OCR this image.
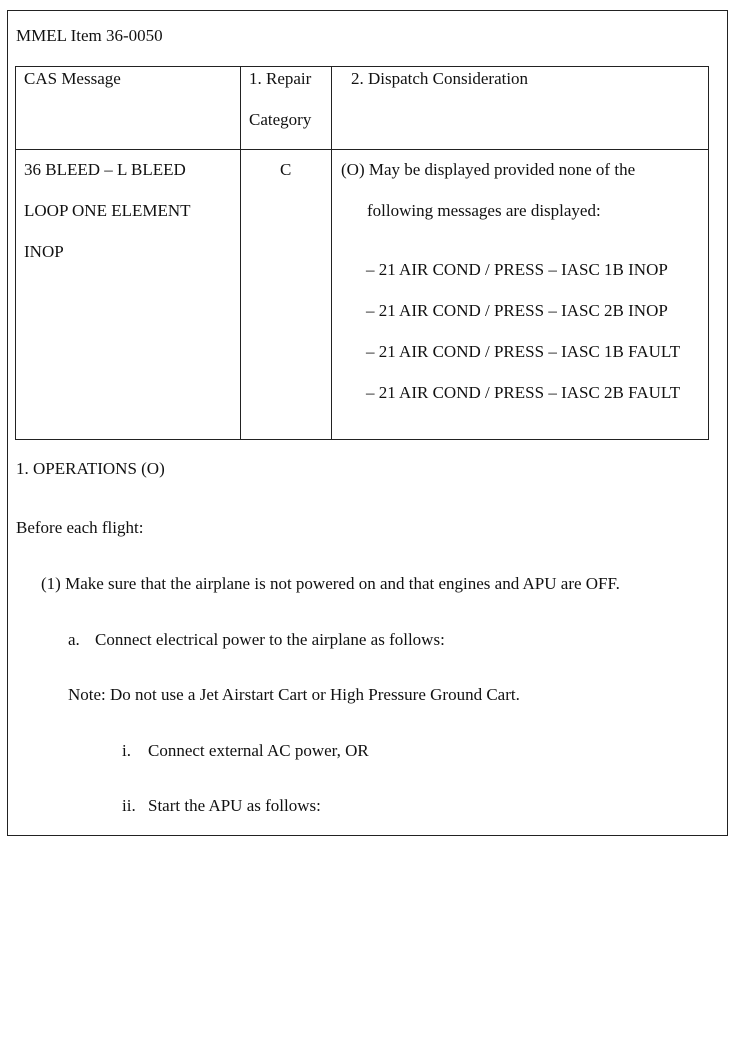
MMEL Item 36-0050
CAS Message	1. Repair
Category
2. Dispatch Consideration
36 BLEED – L BLEED
LOOP ONE ELEMENT
INOP
C	(O) May be displayed provided none of the
following messages are displayed:
– 21 AIR COND / PRESS – IASC 1B INOP
– 21 AIR COND / PRESS – IASC 2B INOP
– 21 AIR COND / PRESS – IASC 1B FAULT
– 21 AIR COND / PRESS – IASC 2B FAULT
1. OPERATIONS (O)
Before each flight:
(1) Make sure that the airplane is not powered on and that engines and APU are OFF.
a. Connect electrical power to the airplane as follows:
Note: Do not use a Jet Airstart Cart or High Pressure Ground Cart.
i. Connect external AC power, OR
ii. Start the APU as follows:
